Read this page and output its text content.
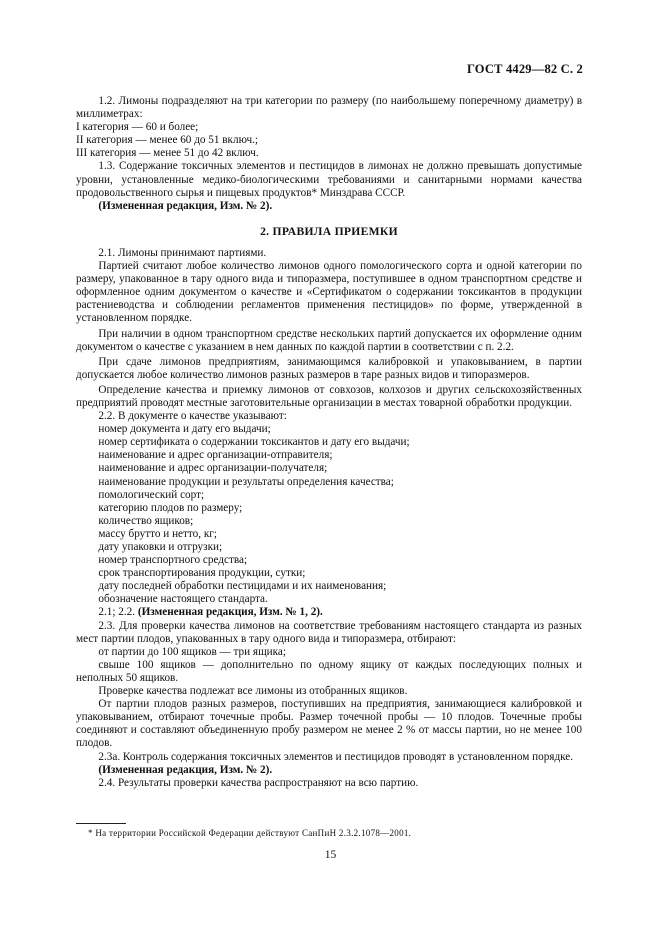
ГОСТ 4429—82 С. 2

1.2. Лимоны подразделяют на три категории по размеру (по наибольшему поперечному диаметру) в миллиметрах:

I категория — 60 и более;

II категория — менее 60 до 51 включ.;

III категория — менее 51 до 42 включ.

1.3. Содержание токсичных элементов и пестицидов в лимонах не должно превышать допустимые уровни, установленные медико-биологическими требованиями и санитарными нормами качества продовольственного сырья и пищевых продуктов* Минздрава СССР.

(Измененная редакция, Изм. № 2).

2. ПРАВИЛА ПРИЕМКИ

2.1. Лимоны принимают партиями.

Партией считают любое количество лимонов одного помологического сорта и одной категории по размеру, упакованное в тару одного вида и типоразмера, поступившее в одном транспортном средстве и оформленное одним документом о качестве и «Сертификатом о содержании токсикантов в продукции растениеводства и соблюдении регламентов применения пестицидов» по форме, утвержденной в установленном порядке.

При наличии в одном транспортном средстве нескольких партий допускается их оформление одним документом о качестве с указанием в нем данных по каждой партии в соответствии с п. 2.2.

При сдаче лимонов предприятиям, занимающимся калибровкой и упаковыванием, в партии допускается любое количество лимонов разных размеров в таре разных видов и типоразмеров.

Определение качества и приемку лимонов от совхозов, колхозов и других сельскохозяйственных предприятий проводят местные заготовительные организации в местах товарной обработки продукции.

2.2. В документе о качестве указывают:

номер документа и дату его выдачи;

номер сертификата о содержании токсикантов и дату его выдачи;

наименование и адрес организации-отправителя;

наименование и адрес организации-получателя;

наименование продукции и результаты определения качества;

помологический сорт;

категорию плодов по размеру;

количество ящиков;

массу брутто и нетто, кг;

дату упаковки и отгрузки;

номер транспортного средства;

срок транспортирования продукции, сутки;

дату последней обработки пестицидами и их наименования;

обозначение настоящего стандарта.

2.1; 2.2. (Измененная редакция, Изм. № 1, 2).

2.3. Для проверки качества лимонов на соответствие требованиям настоящего стандарта из разных мест партии плодов, упакованных в тару одного вида и типоразмера, отбирают:

от партии до 100 ящиков — три ящика;

свыше 100 ящиков — дополнительно по одному ящику от каждых последующих полных и неполных 50 ящиков.

Проверке качества подлежат все лимоны из отобранных ящиков.

От партии плодов разных размеров, поступивших на предприятия, занимающиеся калибровкой и упаковыванием, отбирают точечные пробы. Размер точечной пробы — 10 плодов. Точечные пробы соединяют и составляют объединенную пробу размером не менее 2 % от массы партии, но не менее 100 плодов.

2.3а. Контроль содержания токсичных элементов и пестицидов проводят в установленном порядке.

(Измененная редакция, Изм. № 2).

2.4. Результаты проверки качества распространяют на всю партию.

* На территории Российской Федерации действуют СанПиН 2.3.2.1078—2001.
15
